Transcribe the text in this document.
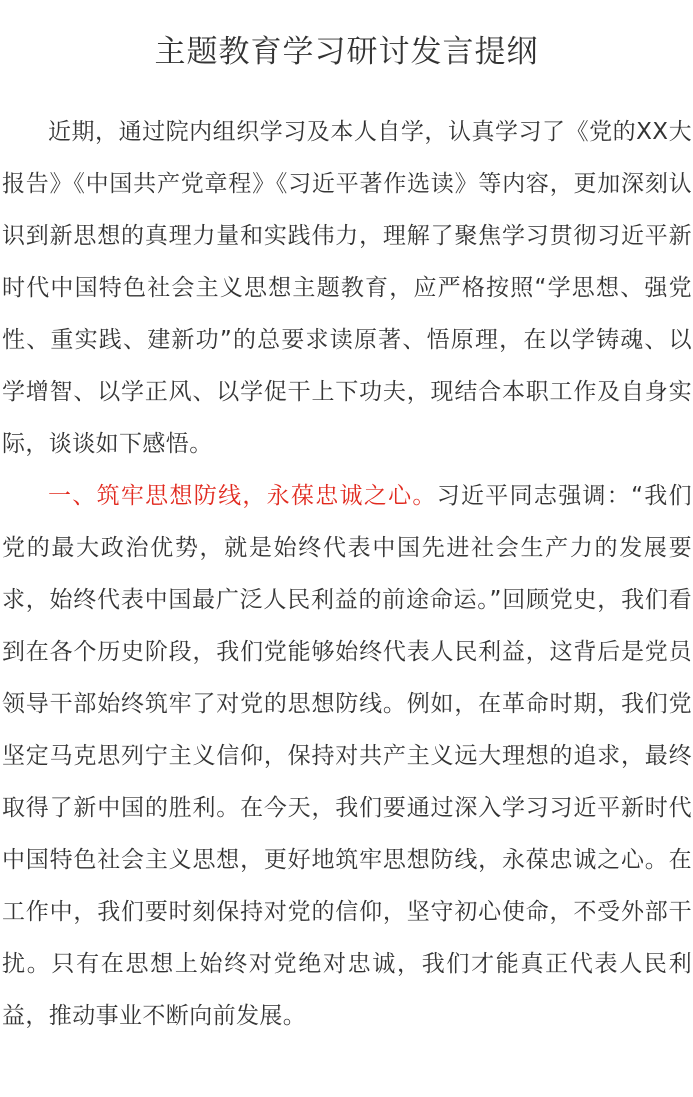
主题教育学习研讨发言提纲

近期，通过院内组织学习及本人自学，认真学习了《党的XX大报告》《中国共产党章程》《习近平著作选读》等内容，更加深刻认识到新思想的真理力量和实践伟力，理解了聚焦学习贯彻习近平新时代中国特色社会主义思想主题教育，应严格按照“学思想、强党性、重实践、建新功”的总要求读原著、悟原理，在以学铸魂、以学增智、以学正风、以学促干上下功夫，现结合本职工作及自身实际，谈谈如下感悟。

一、筑牢思想防线，永葆忠诚之心。习近平同志强调：“我们党的最大政治优势，就是始终代表中国先进社会生产力的发展要求，始终代表中国最广泛人民利益的前途命运。”回顾党史，我们看到在各个历史阶段，我们党能够始终代表人民利益，这背后是党员领导干部始终筑牢了对党的思想防线。例如，在革命时期，我们党坚定马克思列宁主义信仰，保持对共产主义远大理想的追求，最终取得了新中国的胜利。在今天，我们要通过深入学习习近平新时代中国特色社会主义思想，更好地筑牢思想防线，永葆忠诚之心。在工作中，我们要时刻保持对党的信仰，坚守初心使命，不受外部干扰。只有在思想上始终对党绝对忠诚，我们才能真正代表人民利益，推动事业不断向前发展。
